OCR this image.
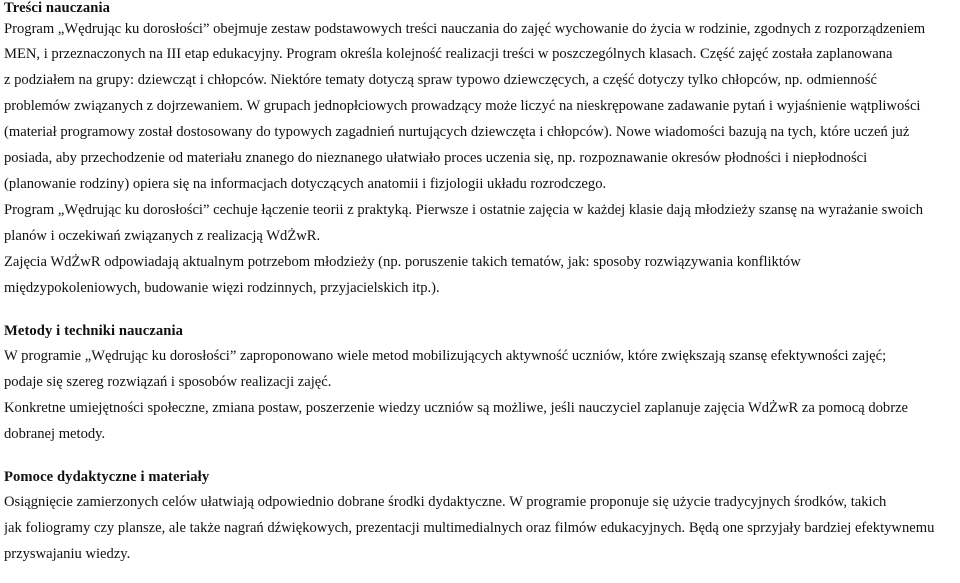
Treści nauczania
Program „Wędrując ku dorosłości” obejmuje zestaw podstawowych treści nauczania do zajęć wychowanie do życia w rodzinie, zgodnych z rozporządzeniem
MEN, i przeznaczonych na III etap edukacyjny. Program określa kolejność realizacji treści w poszczególnych klasach. Część zajęć została zaplanowana
z podziałem na grupy: dziewcząt i chłopców. Niektóre tematy dotyczą spraw typowo dziewczęcych, a część dotyczy tylko chłopców, np. odmienność
problemów związanych z dojrzewaniem. W grupach jednopłciowych prowadzący może liczyć na nieskrępowane zadawanie pytań i wyjaśnienie wątpliwości
(materiał programowy został dostosowany do typowych zagadnień nurtujących dziewczęta i chłopców). Nowe wiadomości bazują na tych, które uczeń już
posiada, aby przechodzenie od materiału znanego do nieznanego ułatwiało proces uczenia się, np. rozpoznawanie okresów płodności i niepłodności
(planowanie rodziny) opiera się na informacjach dotyczących anatomii i fizjologii układu rozrodczego.
Program „Wędrując ku dorosłości” cechuje łączenie teorii z praktyką. Pierwsze i ostatnie zajęcia w każdej klasie dają młodzieży szansę na wyrażanie swoich
planów i oczekiwań związanych z realizacją WdŻwR.
Zajęcia WdŻwR odpowiadają aktualnym potrzebom młodzieży (np. poruszenie takich tematów, jak: sposoby rozwiązywania konfliktów
międzypokoleniowych, budowanie więzi rodzinnych, przyjacielskich itp.).
Metody i techniki nauczania
W programie „Wędrując ku dorosłości” zaproponowano wiele metod mobilizujących aktywność uczniów, które zwiększają szansę efektywności zajęć;
podaje się szereg rozwiązań i sposobów realizacji zajęć.
Konkretne umiejętności społeczne, zmiana postaw, poszerzenie wiedzy uczniów są możliwe, jeśli nauczyciel zaplanuje zajęcia WdŻwR za pomocą dobrze
dobranej metody.
Pomoce dydaktyczne i materiały
Osiągnięcie zamierzonych celów ułatwiają odpowiednio dobrane środki dydaktyczne. W programie proponuje się użycie tradycyjnych środków, takich
jak foliogramy czy plansze, ale także nagrań dźwiękowych, prezentacji multimedialnych oraz filmów edukacyjnych. Będą one sprzyjały bardziej efektywnemu
przyswajaniu wiedzy.
